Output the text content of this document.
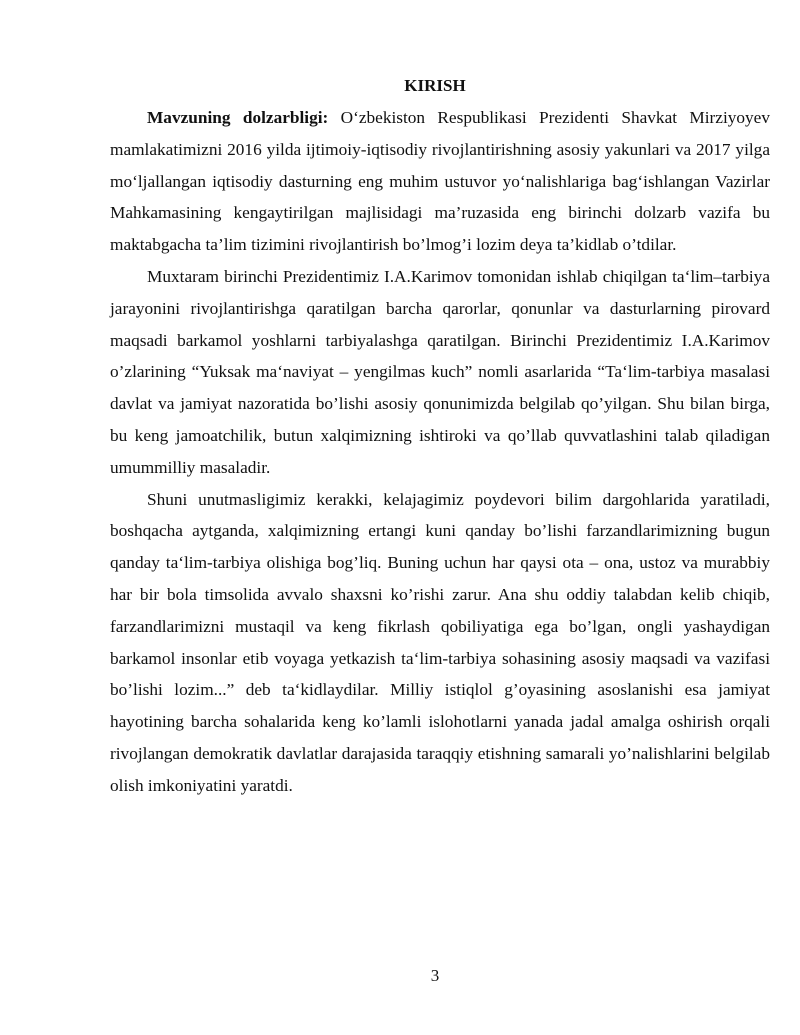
KIRISH

Mavzuning dolzarbligi: O‘zbekiston Respublikasi Prezidenti Shavkat Mirziyoyev mamlakatimizni 2016 yilda ijtimoiy-iqtisodiy rivojlantirishning asosiy yakunlari va 2017 yilga mo‘ljallangan iqtisodiy dasturning eng muhim ustuvor yo‘nalishlariga bag‘ishlangan Vazirlar Mahkamasining kengaytirilgan majlisidagi ma’ruzasida eng birinchi dolzarb vazifa bu maktabgacha ta’lim tizimini rivojlantirish bo’lmog’i lozim deya ta’kidlab o’tdilar.

Muxtaram birinchi Prezidentimiz I.A.Karimov tomonidan ishlab chiqilgan ta‘lim–tarbiya jarayonini rivojlantirishga qaratilgan barcha qarorlar, qonunlar va dasturlarning pirovard maqsadi barkamol yoshlarni tarbiyalashga qaratilgan. Birinchi Prezidentimiz I.A.Karimov o’zlarining “Yuksak ma‘naviyat – yengilmas kuch” nomli asarlarida “Ta‘lim-tarbiya masalasi davlat va jamiyat nazoratida bo’lishi asosiy qonunimizda belgilab qo’yilgan. Shu bilan birga, bu keng jamoatchilik, butun xalqimizning ishtiroki va qo’llab quvvatlashini talab qiladigan umummilliy masaladir.

Shuni unutmasligimiz kerakki, kelajagimiz poydevori bilim dargohlarida yaratiladi, boshqacha aytganda, xalqimizning ertangi kuni qanday bo’lishi farzandlarimizning bugun qanday ta‘lim-tarbiya olishiga bog’liq. Buning uchun har qaysi ota – ona, ustoz va murabbiy har bir bola timsolida avvalo shaxsni ko’rishi zarur. Ana shu oddiy talabdan kelib chiqib, farzandlarimizni mustaqil va keng fikrlash qobiliyatiga ega bo’lgan, ongli yashaydigan barkamol insonlar etib voyaga yetkazish ta‘lim-tarbiya sohasining asosiy maqsadi va vazifasi bo’lishi lozim...” deb ta‘kidlaydilar. Milliy istiqlol g’oyasining asoslanishi esa jamiyat hayotining barcha sohalarida keng ko’lamli islohotlarni yanada jadal amalga oshirish orqali rivojlangan demokratik davlatlar darajasida taraqqiy etishning samarali yo’nalishlarini belgilab olish imkoniyatini yaratdi.

3
